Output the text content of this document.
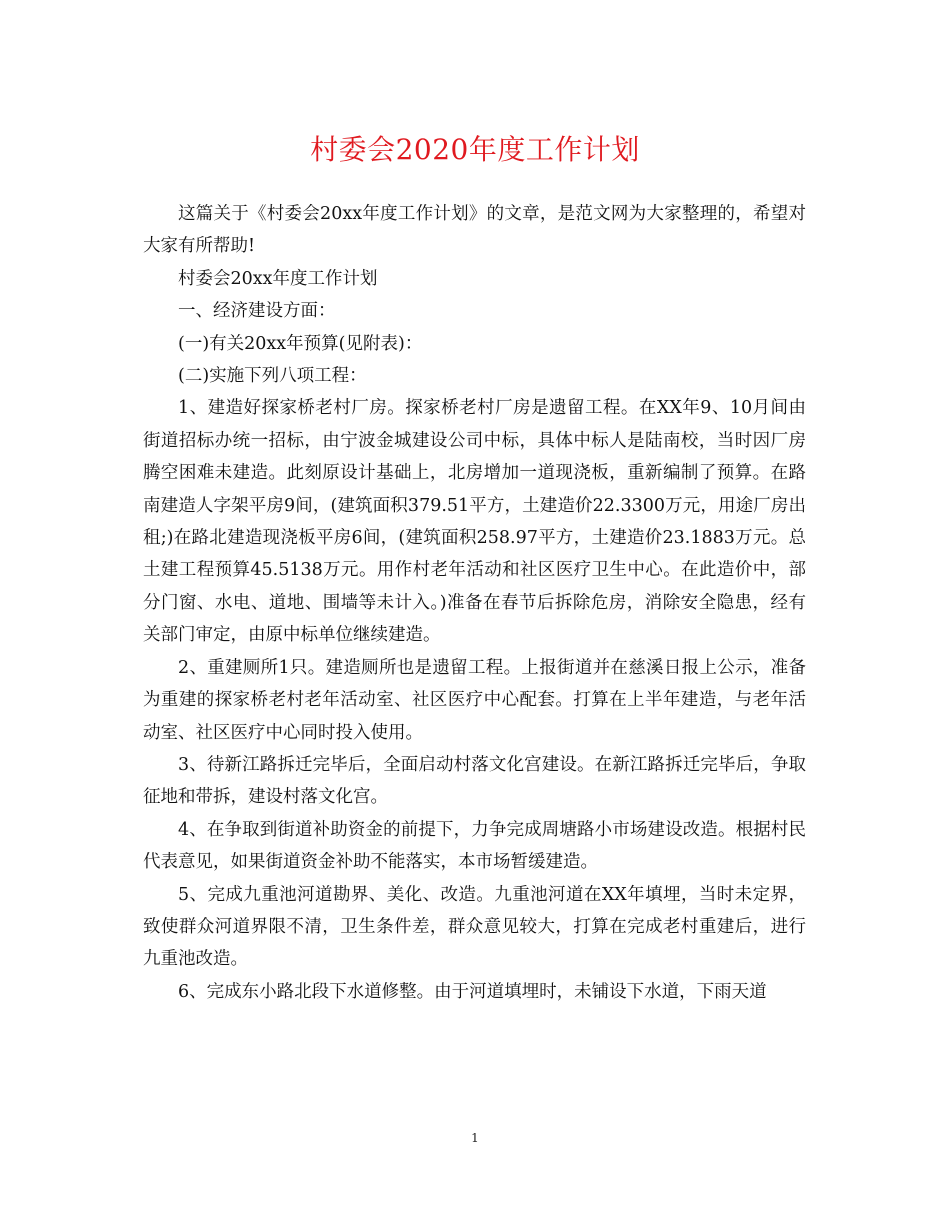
村委会2020年度工作计划

这篇关于《村委会20xx年度工作计划》的文章，是范文网为大家整理的，希望对大家有所帮助!

村委会20xx年度工作计划

一、经济建设方面：

(一)有关20xx年预算(见附表)：

(二)实施下列八项工程：

1、建造好探家桥老村厂房。探家桥老村厂房是遗留工程。在XX年9、10月间由街道招标办统一招标，由宁波金城建设公司中标，具体中标人是陆南校，当时因厂房腾空困难未建造。此刻原设计基础上，北房增加一道现浇板，重新编制了预算。在路南建造人字架平房9间，(建筑面积379.51平方，土建造价22.3300万元，用途厂房出租;)在路北建造现浇板平房6间，(建筑面积258.97平方，土建造价23.1883万元。总土建工程预算45.5138万元。用作村老年活动和社区医疗卫生中心。在此造价中，部分门窗、水电、道地、围墙等未计入。)准备在春节后拆除危房，消除安全隐患，经有关部门审定，由原中标单位继续建造。

2、重建厕所1只。建造厕所也是遗留工程。上报街道并在慈溪日报上公示，准备为重建的探家桥老村老年活动室、社区医疗中心配套。打算在上半年建造，与老年活动室、社区医疗中心同时投入使用。

3、待新江路拆迁完毕后，全面启动村落文化宫建设。在新江路拆迁完毕后，争取征地和带拆，建设村落文化宫。

4、在争取到街道补助资金的前提下，力争完成周塘路小市场建设改造。根据村民代表意见，如果街道资金补助不能落实，本市场暂缓建造。

5、完成九重池河道勘界、美化、改造。九重池河道在XX年填埋，当时未定界，致使群众河道界限不清，卫生条件差，群众意见较大，打算在完成老村重建后，进行九重池改造。

6、完成东小路北段下水道修整。由于河道填埋时，未铺设下水道，下雨天道

1
